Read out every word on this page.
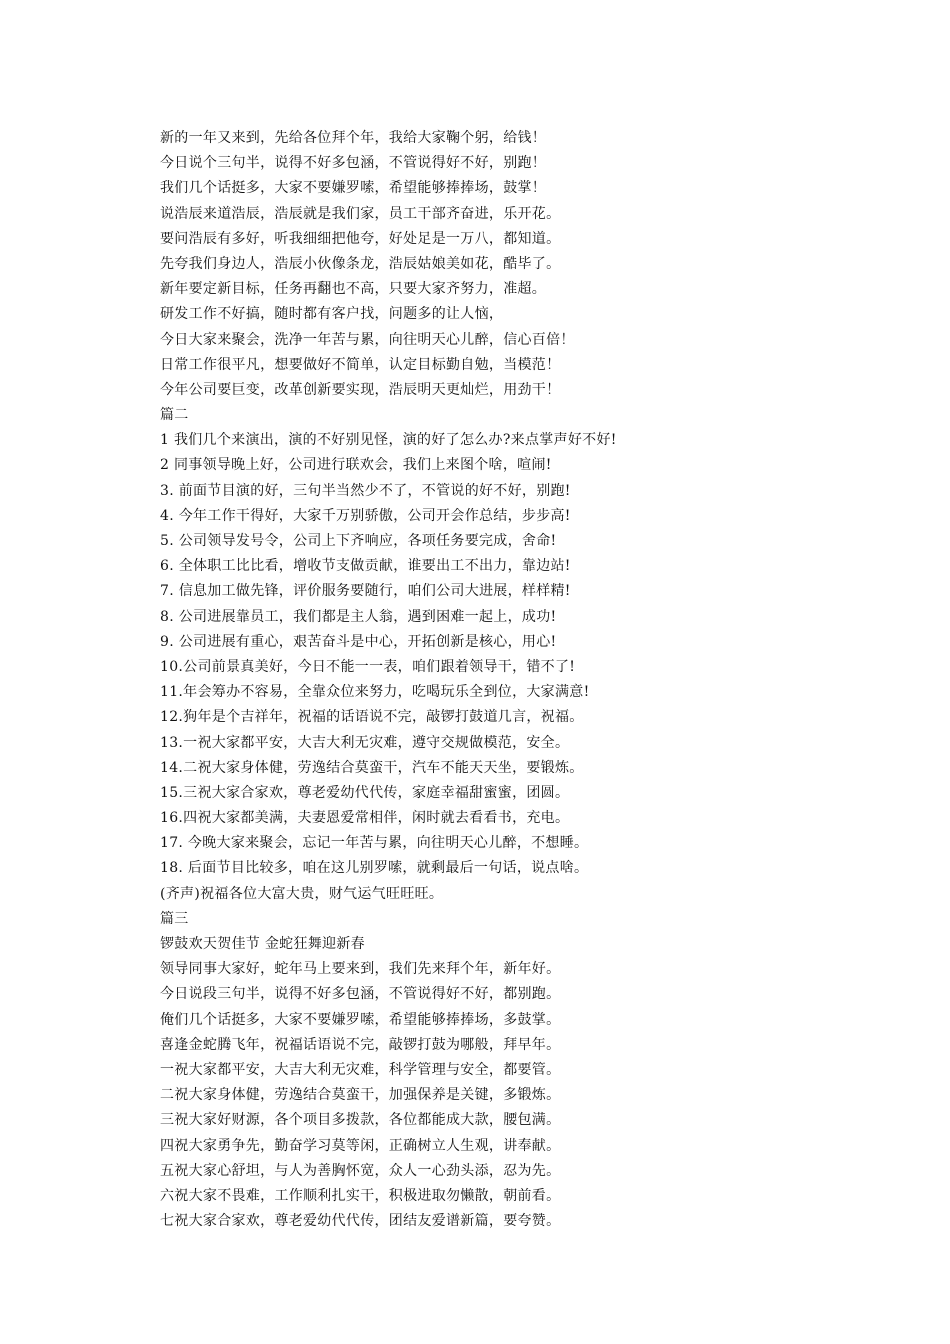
新的一年又来到，先给各位拜个年，我给大家鞠个躬，给钱！
今日说个三句半，说得不好多包涵，不管说得好不好，别跑！
我们几个话挺多，大家不要嫌罗嗦，希望能够捧捧场，鼓掌！
说浩辰来道浩辰，浩辰就是我们家，员工干部齐奋进，乐开花。
要问浩辰有多好，听我细细把他夸，好处足是一万八，都知道。
先夸我们身边人，浩辰小伙像条龙，浩辰姑娘美如花，酷毕了。
新年要定新目标，任务再翻也不高，只要大家齐努力，准超。
研发工作不好搞，随时都有客户找，问题多的让人恼，
今日大家来聚会，洗净一年苦与累，向往明天心儿醉，信心百倍！
日常工作很平凡，想要做好不简单，认定目标勤自勉，当模范！
今年公司要巨变，改革创新要实现，浩辰明天更灿烂，用劲干！
篇二
1 我们几个来演出，演的不好别见怪，演的好了怎么办?来点掌声好不好!
2 同事领导晚上好，公司进行联欢会，我们上来图个啥，喧闹!
3. 前面节目演的好，三句半当然少不了，不管说的好不好，别跑!
4. 今年工作干得好，大家千万别骄傲，公司开会作总结，步步高!
5. 公司领导发号令，公司上下齐响应，各项任务要完成，舍命!
6. 全体职工比比看，增收节支做贡献，谁要出工不出力，靠边站!
7. 信息加工做先锋，评价服务要随行，咱们公司大进展，样样精!
8. 公司进展靠员工，我们都是主人翁，遇到困难一起上，成功!
9. 公司进展有重心，艰苦奋斗是中心，开拓创新是核心，用心!
10.公司前景真美好，今日不能一一表，咱们跟着领导干，错不了!
11.年会筹办不容易，全靠众位来努力，吃喝玩乐全到位，大家满意!
12.狗年是个吉祥年，祝福的话语说不完，敲锣打鼓道几言，祝福。
13.一祝大家都平安，大吉大利无灾难，遵守交规做模范，安全。
14.二祝大家身体健，劳逸结合莫蛮干，汽车不能天天坐，要锻炼。
15.三祝大家合家欢，尊老爱幼代代传，家庭幸福甜蜜蜜，团圆。
16.四祝大家都美满，夫妻恩爱常相伴，闲时就去看看书，充电。
17. 今晚大家来聚会，忘记一年苦与累，向往明天心儿醉，不想睡。
18. 后面节目比较多，咱在这儿别罗嗦，就剩最后一句话，说点啥。
(齐声)祝福各位大富大贵，财气运气旺旺旺。
篇三
锣鼓欢天贺佳节 金蛇狂舞迎新春
领导同事大家好，蛇年马上要来到，我们先来拜个年，新年好。
今日说段三句半，说得不好多包涵，不管说得好不好，都别跑。
俺们几个话挺多，大家不要嫌罗嗦，希望能够捧捧场，多鼓掌。
喜逢金蛇腾飞年，祝福话语说不完，敲锣打鼓为哪般，拜早年。
一祝大家都平安，大吉大利无灾难，科学管理与安全，都要管。
二祝大家身体健，劳逸结合莫蛮干，加强保养是关键，多锻炼。
三祝大家好财源，各个项目多拨款，各位都能成大款，腰包满。
四祝大家勇争先，勤奋学习莫等闲，正确树立人生观，讲奉献。
五祝大家心舒坦，与人为善胸怀宽，众人一心劲头添，忍为先。
六祝大家不畏难，工作顺利扎实干，积极进取勿懒散，朝前看。
七祝大家合家欢，尊老爱幼代代传，团结友爱谱新篇，要夸赞。
